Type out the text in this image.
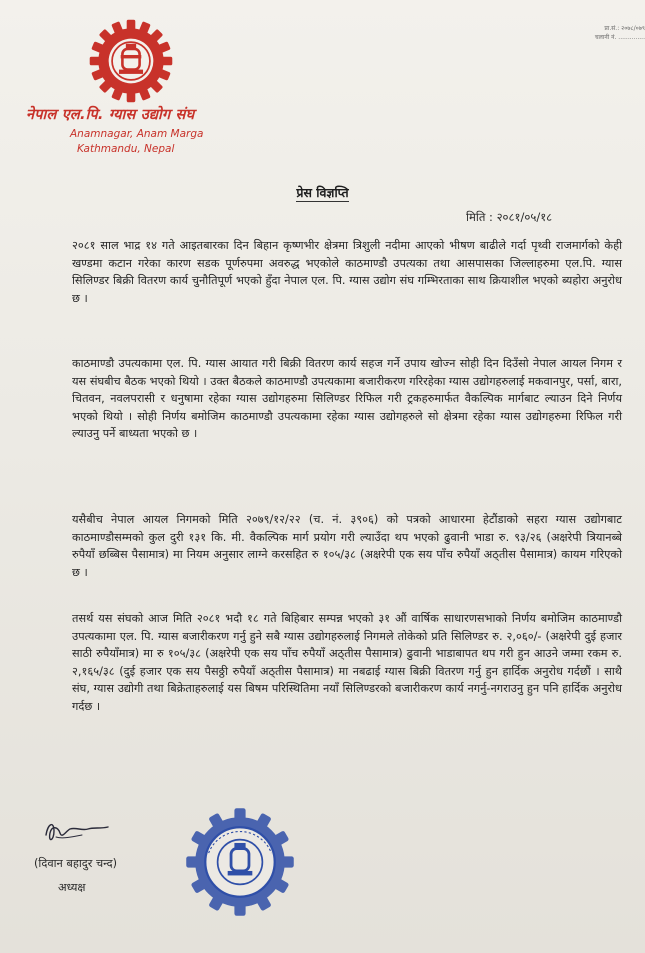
नेपाल एल.पि. ग्यास उद्योग संघ
Anamnagar, Anam Marga
Kathmandu, Nepal
प्रा.सं.: २०७८/०७९
चलानी नं. ..............
प्रेस विज्ञप्ति
मिति : २०८१/०५/१८

२०८१ साल भाद्र १४ गते आइतबारका दिन बिहान कृष्णभीर क्षेत्रमा त्रिशुली नदीमा आएको भीषण बाढीले गर्दा पृथ्वी राजमार्गको केही खण्डमा कटान गरेका कारण सडक पूर्णरुपमा अवरुद्ध भएकोले काठमाण्डौ उपत्यका तथा आसपासका जिल्लाहरुमा एल.पि. ग्यास सिलिण्डर बिक्री वितरण कार्य चुनौतिपूर्ण भएको हुँदा नेपाल एल. पि. ग्यास उद्योग संघ गम्भिरताका साथ क्रियाशील भएको ब्यहोरा अनुरोध छ ।

काठमाण्डौ उपत्यकामा एल. पि. ग्यास आयात गरी बिक्री वितरण कार्य सहज गर्ने उपाय खोज्न सोही दिन दिउँसो नेपाल आयल निगम र यस संघबीच बैठक भएको थियो । उक्त बैठकले काठमाण्डौ उपत्यकामा बजारीकरण गरिरहेका ग्यास उद्योगहरुलाई मकवानपुर, पर्सा, बारा, चितवन, नवलपरासी र धनुषामा रहेका ग्यास उद्योगहरुमा सिलिण्डर रिफिल गरी ट्रकहरुमार्फत वैकल्पिक मार्गबाट ल्याउन दिने निर्णय भएको थियो । सोही निर्णय बमोजिम काठमाण्डौ उपत्यकामा रहेका ग्यास उद्योगहरुले सो क्षेत्रमा रहेका ग्यास उद्योगहरुमा रिफिल गरी ल्याउनु पर्ने बाध्यता भएको छ ।

यसैबीच नेपाल आयल निगमको मिति २०७९/१२/२२ (च. नं. ३९०६) को पत्रको आधारमा हेटौंडाको सहरा ग्यास उद्योगबाट काठमाण्डौसम्मको कुल दुरी १३१ कि. मी. वैकल्पिक मार्ग प्रयोग गरी ल्याउँदा थप भएको ढुवानी भाडा रु. ९३/२६ (अक्षरेपी त्रियानब्बे रुपैयाँ छब्बिस पैसामात्र) मा नियम अनुसार लाग्ने करसहित रु १०५/३८ (अक्षरेपी एक सय पाँच रुपैयाँ अठ्तीस पैसामात्र) कायम गरिएको छ ।

तसर्थ यस संघको आज मिति २०८१ भदौ १८ गते बिहिबार सम्पन्न भएको ३१ औं वार्षिक साधारणसभाको निर्णय बमोजिम काठमाण्डौ उपत्यकामा एल. पि. ग्यास बजारीकरण गर्नु हुने सबै ग्यास उद्योगहरुलाई निगमले तोकेको प्रति सिलिण्डर रु. २,०६०/- (अक्षरेपी दुई हजार साठी रुपैयाँमात्र) मा रु १०५/३८ (अक्षरेपी एक सय पाँच रुपैयाँ अठ्तीस पैसामात्र) ढुवानी भाडाबापत थप गरी हुन आउने जम्मा रकम रु. २,१६५/३८ (दुई हजार एक सय पैसठ्ठी रुपैयाँ अठ्तीस पैसामात्र) मा नबढाई ग्यास बिक्री वितरण गर्नु हुन हार्दिक अनुरोध गर्दछौं । साथै संघ, ग्यास उद्योगी तथा बिक्रेताहरुलाई यस बिषम परिस्थितिमा नयाँ सिलिण्डरको बजारीकरण कार्य नगर्नु-नगराउनु हुन पनि हार्दिक अनुरोध गर्दछ ।

(दिवान बहादुर चन्द)
अध्यक्ष
